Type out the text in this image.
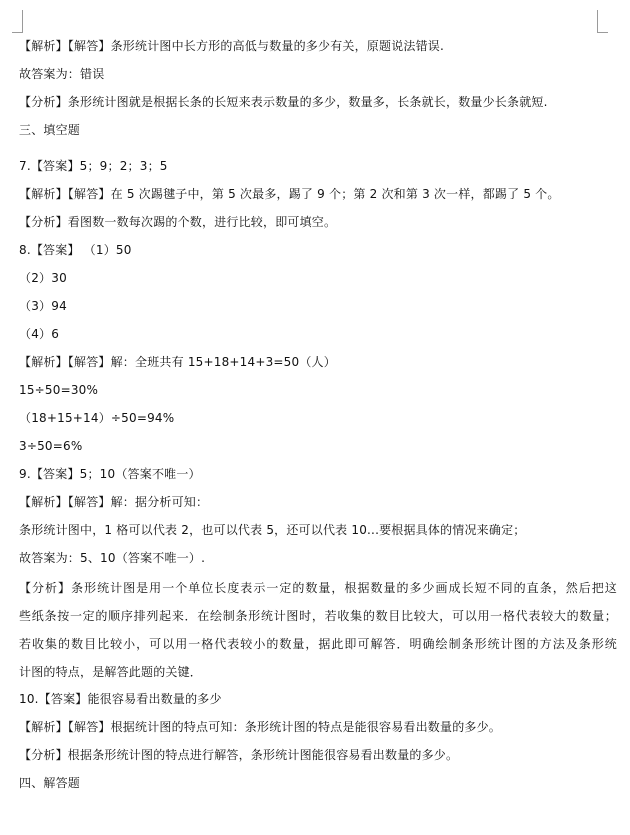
【解析】【解答】条形统计图中长方形的高低与数量的多少有关，原题说法错误.
故答案为：错误
【分析】条形统计图就是根据长条的长短来表示数量的多少，数量多，长条就长，数量少长条就短.
三、填空题
7.【答案】5；9；2；3；5
【解析】【解答】在 5 次踢毽子中，第 5 次最多，踢了 9 个；第 2 次和第 3 次一样，都踢了 5 个。
【分析】看图数一数每次踢的个数，进行比较，即可填空。
8.【答案】 （1）50
（2）30
（3）94
（4）6
【解析】【解答】解：全班共有 15+18+14+3=50（人）
15÷50=30%
（18+15+14）÷50=94%
3÷50=6%
9.【答案】5；10（答案不唯一）
【解析】【解答】解：据分析可知：
条形统计图中，1 格可以代表 2，也可以代表 5，还可以代表 10...要根据具体的情况来确定；
故答案为：5、10（答案不唯一）.
【分析】条形统计图是用一个单位长度表示一定的数量，根据数量的多少画成长短不同的直条，然后把这
些纸条按一定的顺序排列起来．在绘制条形统计图时，若收集的数目比较大，可以用一格代表较大的数量；
若收集的数目比较小，可以用一格代表较小的数量，据此即可解答．明确绘制条形统计图的方法及条形统
计图的特点，是解答此题的关键．
10.【答案】能很容易看出数量的多少
【解析】【解答】根据统计图的特点可知：条形统计图的特点是能很容易看出数量的多少。
【分析】根据条形统计图的特点进行解答，条形统计图能很容易看出数量的多少。
四、解答题
